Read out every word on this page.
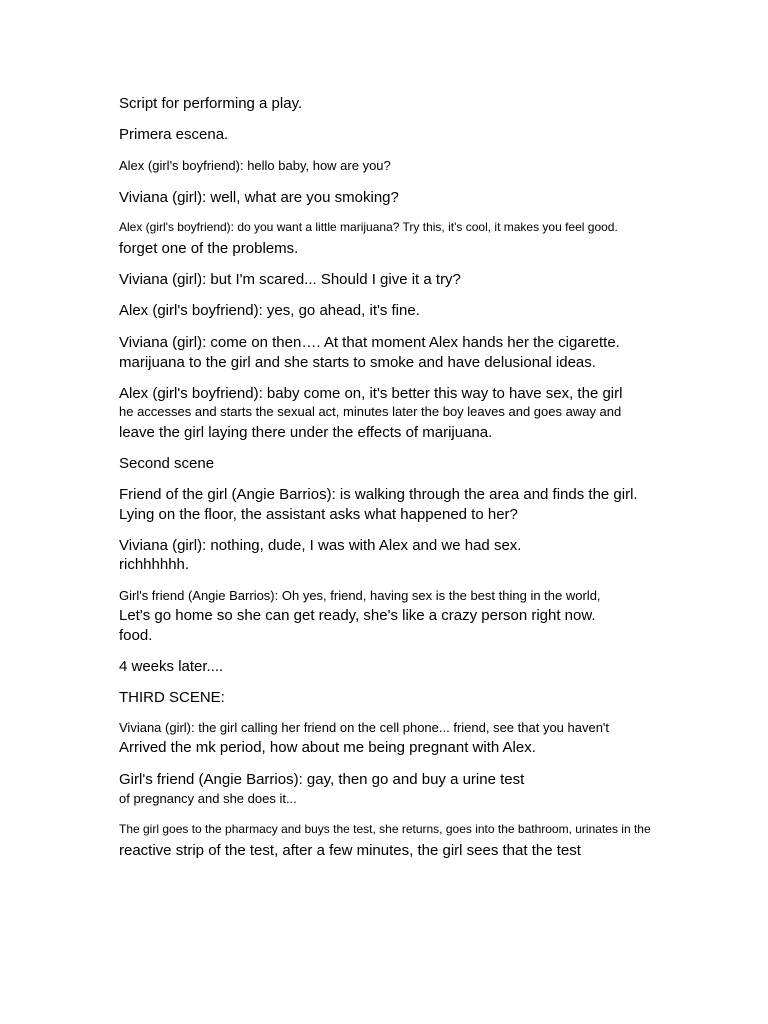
Script for performing a play.
Primera escena.
Alex (girl's boyfriend): hello baby, how are you?
Viviana (girl): well, what are you smoking?
Alex (girl's boyfriend): do you want a little marijuana? Try this, it's cool, it makes you feel good.
forget one of the problems.
Viviana (girl): but I'm scared... Should I give it a try?
Alex (girl's boyfriend): yes, go ahead, it's fine.
Viviana (girl): come on then…. At that moment Alex hands her the cigarette.
marijuana to the girl and she starts to smoke and have delusional ideas.
Alex (girl's boyfriend): baby come on, it's better this way to have sex, the girl
he accesses and starts the sexual act, minutes later the boy leaves and goes away and
leave the girl laying there under the effects of marijuana.
Second scene
Friend of the girl (Angie Barrios): is walking through the area and finds the girl.
Lying on the floor, the assistant asks what happened to her?
Viviana (girl): nothing, dude, I was with Alex and we had sex.
richhhhhh.
Girl's friend (Angie Barrios): Oh yes, friend, having sex is the best thing in the world,
Let's go home so she can get ready, she's like a crazy person right now.
food.
4 weeks later....
THIRD SCENE:
Viviana (girl): the girl calling her friend on the cell phone... friend, see that you haven't
Arrived the mk period, how about me being pregnant with Alex.
Girl's friend (Angie Barrios): gay, then go and buy a urine test
of pregnancy and she does it...
The girl goes to the pharmacy and buys the test, she returns, goes into the bathroom, urinates in the
reactive strip of the test, after a few minutes, the girl sees that the test
